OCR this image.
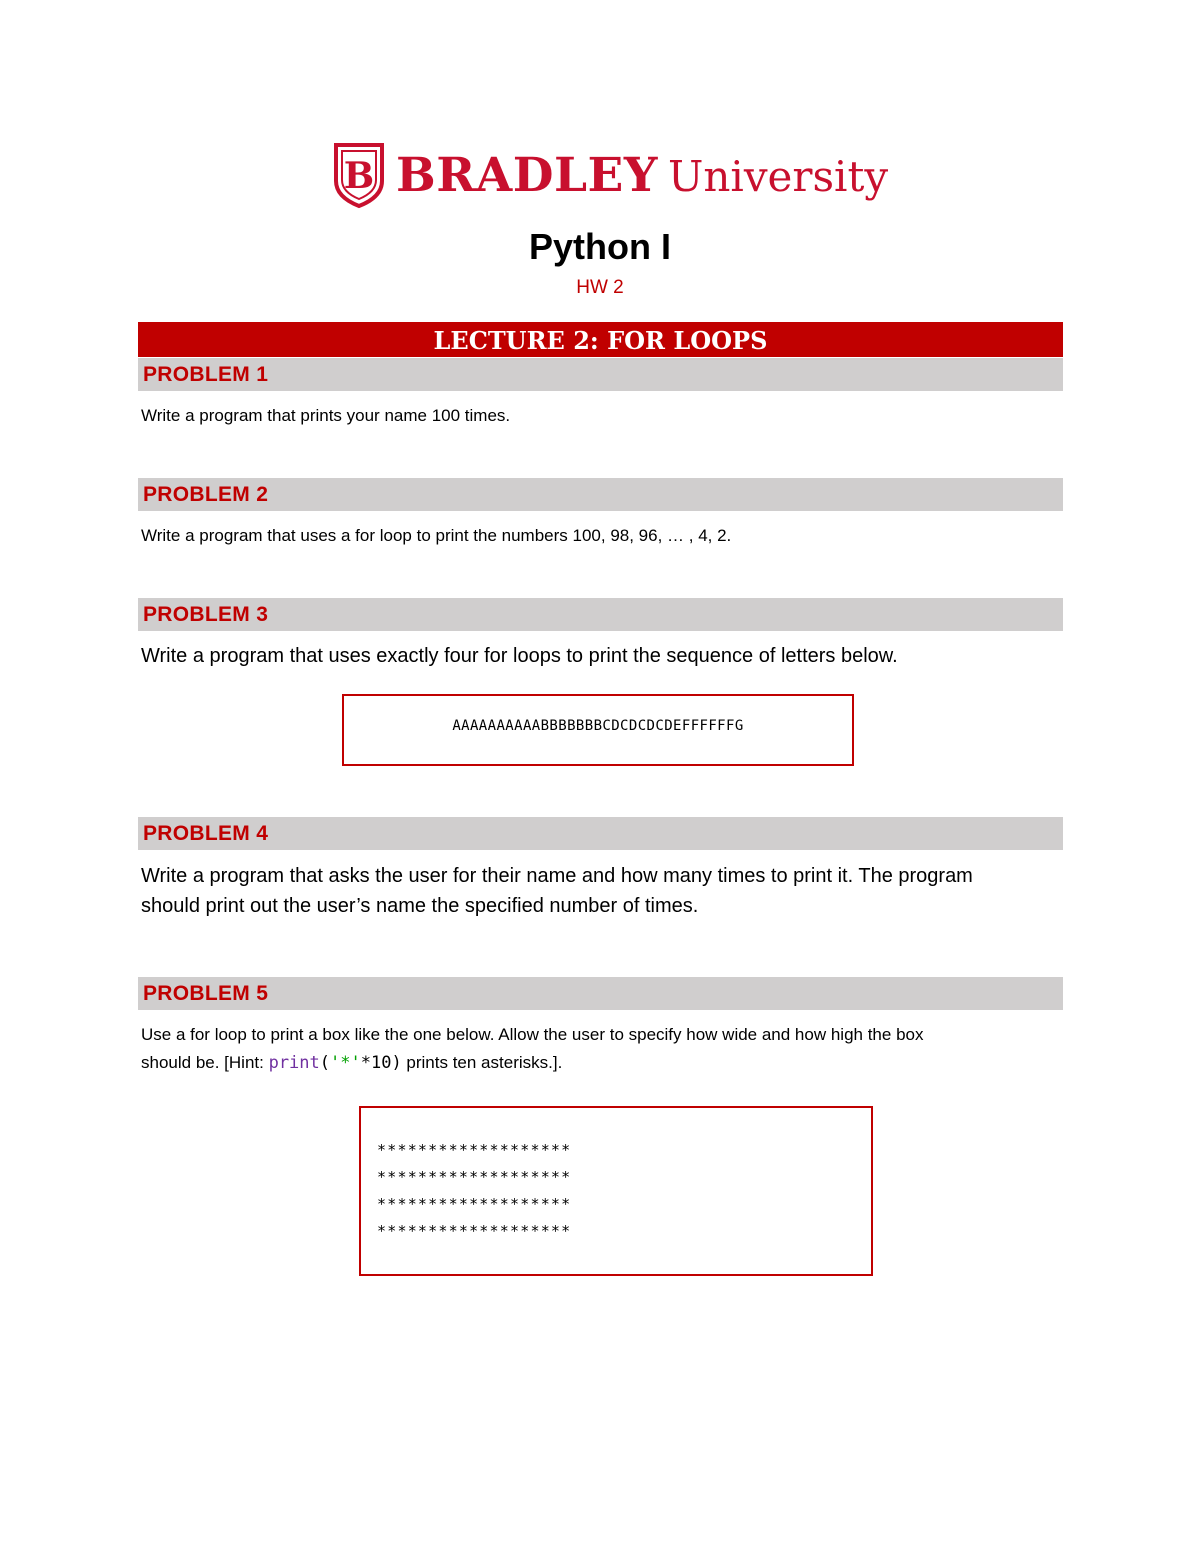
B BRADLEY University
Python I
HW 2
LECTURE 2: FOR LOOPS
PROBLEM 1
Write a program that prints your name 100 times.
PROBLEM 2
Write a program that uses a for loop to print the numbers 100, 98, 96, … , 4, 2.
PROBLEM 3
Write a program that uses exactly four for loops to print the sequence of letters below.
AAAAAAAAAABBBBBBBCDCDCDCDEFFFFFFG
PROBLEM 4
Write a program that asks the user for their name and how many times to print it. The program
should print out the user’s name the specified number of times.
PROBLEM 5
Use a for loop to print a box like the one below. Allow the user to specify how wide and how high the box
should be. [Hint: print('*'*10) prints ten asterisks.].
*******************
*******************
*******************
*******************
